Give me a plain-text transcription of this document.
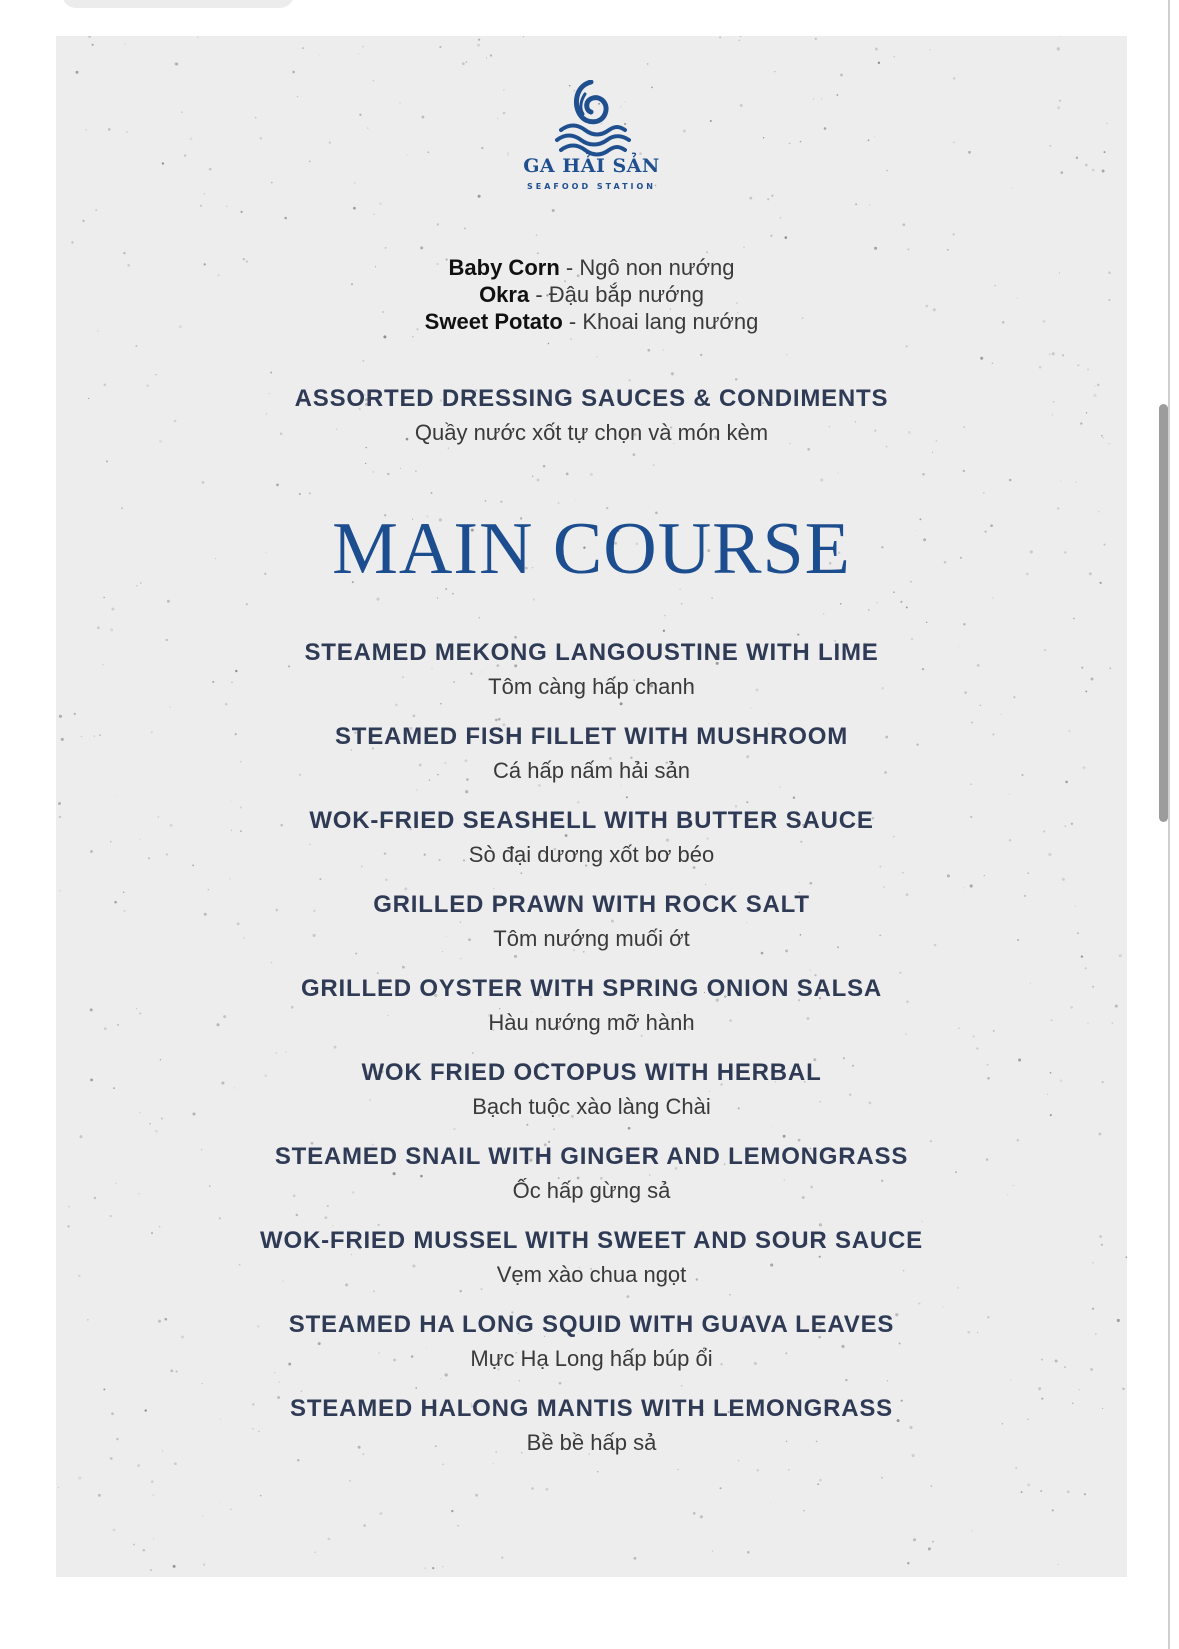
GA HẢI SẢN
SEAFOOD STATION
Baby Corn - Ngô non nướng
Okra - Đậu bắp nướng
Sweet Potato - Khoai lang nướng
ASSORTED DRESSING SAUCES & CONDIMENTS
Quầy nước xốt tự chọn và món kèm
MAIN COURSE
STEAMED MEKONG LANGOUSTINE WITH LIME
Tôm càng hấp chanh
STEAMED FISH FILLET WITH MUSHROOM
Cá hấp nấm hải sản
WOK-FRIED SEASHELL WITH BUTTER SAUCE
Sò đại dương xốt bơ béo
GRILLED PRAWN WITH ROCK SALT
Tôm nướng muối ớt
GRILLED OYSTER WITH SPRING ONION SALSA
Hàu nướng mỡ hành
WOK FRIED OCTOPUS WITH HERBAL
Bạch tuộc xào làng Chài
STEAMED SNAIL WITH GINGER AND LEMONGRASS
Ốc hấp gừng sả
WOK-FRIED MUSSEL WITH SWEET AND SOUR SAUCE
Vẹm xào chua ngọt
STEAMED HA LONG SQUID WITH GUAVA LEAVES
Mực Hạ Long hấp búp ổi
STEAMED HALONG MANTIS WITH LEMONGRASS
Bề bề hấp sả
